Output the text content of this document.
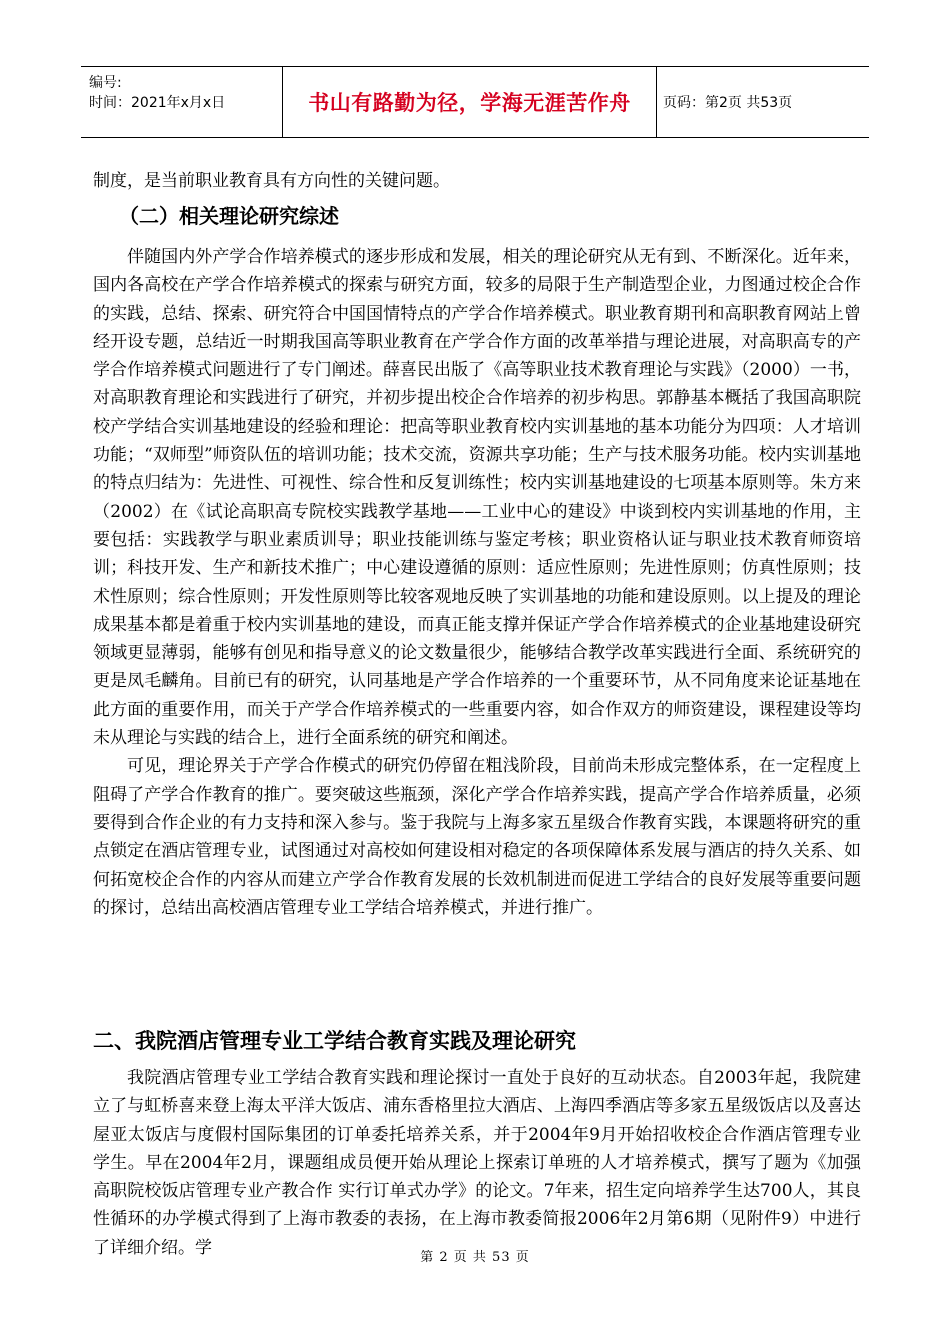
编号:
时间：2021年x月x日	书山有路勤为径，学海无涯苦作舟	页码：第2页 共53页

制度，是当前职业教育具有方向性的关键问题。

（二）相关理论研究综述

伴随国内外产学合作培养模式的逐步形成和发展，相关的理论研究从无有到、不断深化。近年来，国内各高校在产学合作培养模式的探索与研究方面，较多的局限于生产制造型企业，力图通过校企合作的实践，总结、探索、研究符合中国国情特点的产学合作培养模式。职业教育期刊和高职教育网站上曾经开设专题，总结近一时期我国高等职业教育在产学合作方面的改革举措与理论进展，对高职高专的产学合作培养模式问题进行了专门阐述。薛喜民出版了《高等职业技术教育理论与实践》（2000）一书，对高职教育理论和实践进行了研究，并初步提出校企合作培养的初步构思。郭静基本概括了我国高职院校产学结合实训基地建设的经验和理论：把高等职业教育校内实训基地的基本功能分为四项：人才培训功能；“双师型”师资队伍的培训功能；技术交流，资源共享功能；生产与技术服务功能。校内实训基地的特点归结为：先进性、可视性、综合性和反复训练性；校内实训基地建设的七项基本原则等。朱方来（2002）在《试论高职高专院校实践教学基地——工业中心的建设》中谈到校内实训基地的作用，主要包括：实践教学与职业素质训导；职业技能训练与鉴定考核；职业资格认证与职业技术教育师资培训；科技开发、生产和新技术推广；中心建设遵循的原则：适应性原则；先进性原则；仿真性原则；技术性原则；综合性原则；开发性原则等比较客观地反映了实训基地的功能和建设原则。以上提及的理论成果基本都是着重于校内实训基地的建设，而真正能支撑并保证产学合作培养模式的企业基地建设研究领域更显薄弱，能够有创见和指导意义的论文数量很少，能够结合教学改革实践进行全面、系统研究的更是凤毛麟角。目前已有的研究，认同基地是产学合作培养的一个重要环节，从不同角度来论证基地在此方面的重要作用，而关于产学合作培养模式的一些重要内容，如合作双方的师资建设，课程建设等均未从理论与实践的结合上，进行全面系统的研究和阐述。

可见，理论界关于产学合作模式的研究仍停留在粗浅阶段，目前尚未形成完整体系，在一定程度上阻碍了产学合作教育的推广。要突破这些瓶颈，深化产学合作培养实践，提高产学合作培养质量，必须要得到合作企业的有力支持和深入参与。鉴于我院与上海多家五星级合作教育实践，本课题将研究的重点锁定在酒店管理专业，试图通过对高校如何建设相对稳定的各项保障体系发展与酒店的持久关系、如何拓宽校企合作的内容从而建立产学合作教育发展的长效机制进而促进工学结合的良好发展等重要问题的探讨，总结出高校酒店管理专业工学结合培养模式，并进行推广。

二、我院酒店管理专业工学结合教育实践及理论研究

我院酒店管理专业工学结合教育实践和理论探讨一直处于良好的互动状态。自2003年起，我院建立了与虹桥喜来登上海太平洋大饭店、浦东香格里拉大酒店、上海四季酒店等多家五星级饭店以及喜达屋亚太饭店与度假村国际集团的订单委托培养关系，并于2004年9月开始招收校企合作酒店管理专业学生。早在2004年2月，课题组成员便开始从理论上探索订单班的人才培养模式，撰写了题为《加强高职院校饭店管理专业产教合作 实行订单式办学》的论文。7年来，招生定向培养学生达700人，其良性循环的办学模式得到了上海市教委的表扬，在上海市教委简报2006年2月第6期（见附件9）中进行了详细介绍。学	第 2 页 共 53 页
